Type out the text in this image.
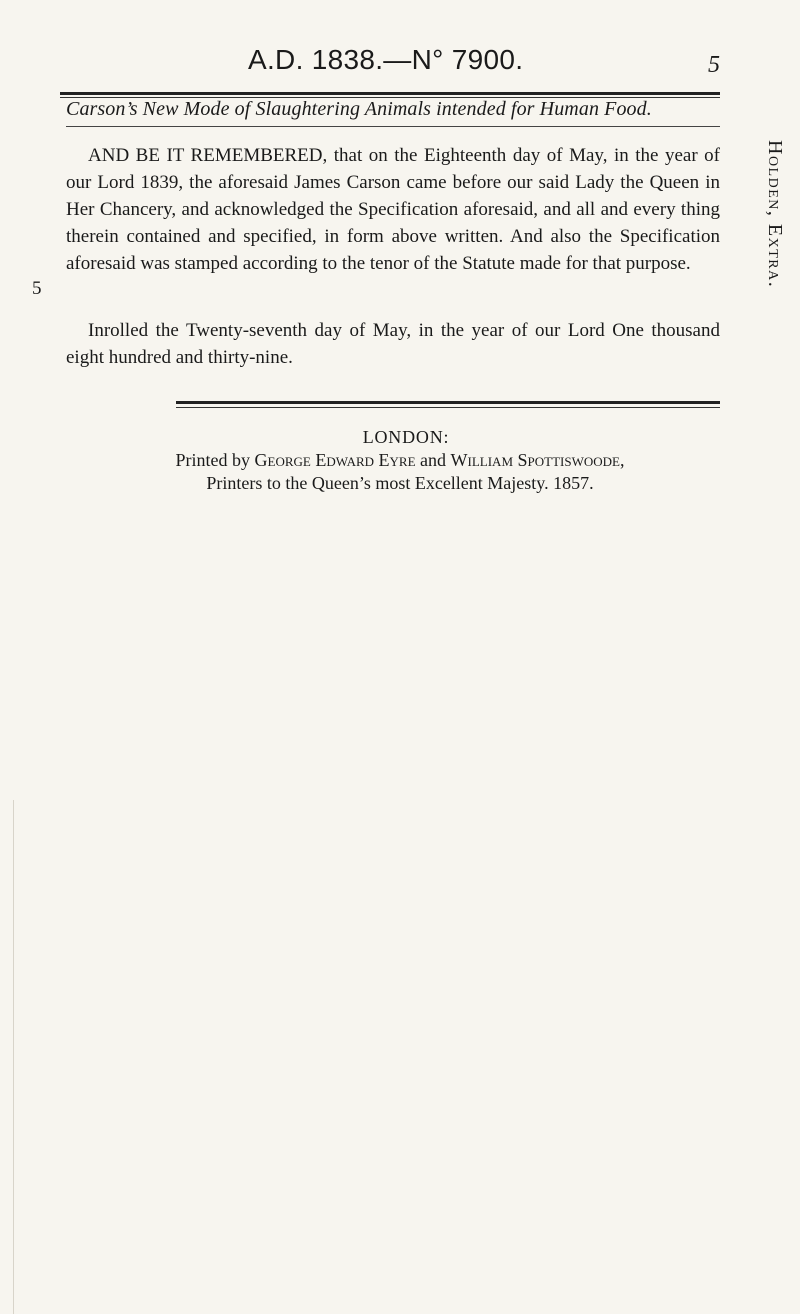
A.D. 1838.—N° 7900.	5
Carson’s New Mode of Slaughtering Animals intended for Human Food.
AND BE IT REMEMBERED, that on the Eighteenth day of May, in the year of our Lord 1839, the aforesaid James Carson came before our said Lady the Queen in Her Chancery, and acknowledged the Specification aforesaid, and all and every thing therein contained and specified, in form above written. And also the Specification aforesaid was stamped according to the tenor of the Statute made for that purpose.
5
Inrolled the Twenty-seventh day of May, in the year of our Lord One thousand eight hundred and thirty-nine.
Holden, Extra.
LONDON:
Printed by George Edward Eyre and William Spottiswoode,
Printers to the Queen’s most Excellent Majesty. 1857.
